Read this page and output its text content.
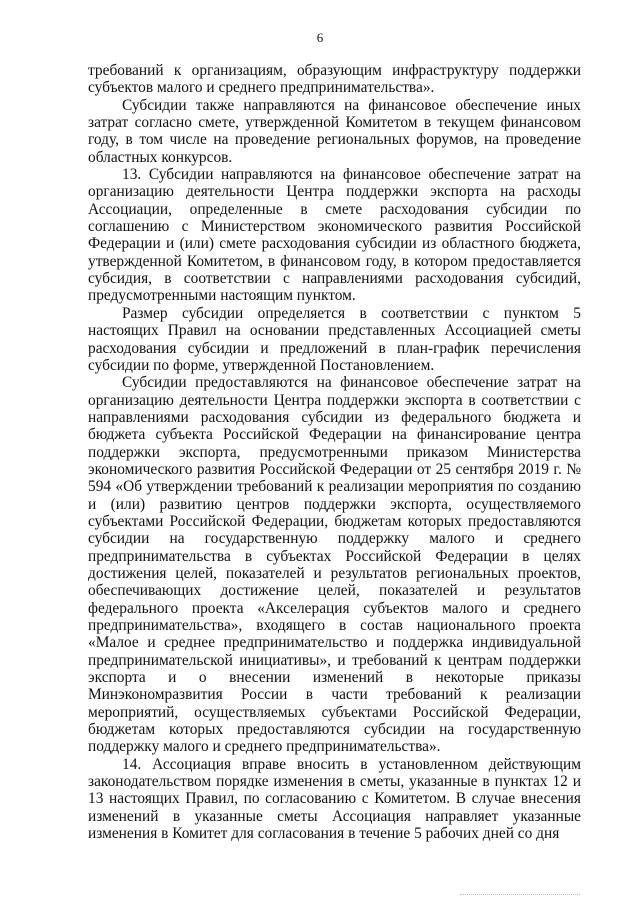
6

требований к организациям, образующим инфраструктуру поддержки субъектов малого и среднего предпринимательства».

Субсидии также направляются на финансовое обеспечение иных затрат согласно смете, утвержденной Комитетом в текущем финансовом году, в том числе на проведение региональных форумов, на проведение областных конкурсов.

13. Субсидии направляются на финансовое обеспечение затрат на организацию деятельности Центра поддержки экспорта на расходы Ассоциации, определенные в смете расходования субсидии по соглашению с Министерством экономического развития Российской Федерации и (или) смете расходования субсидии из областного бюджета, утвержденной Комитетом, в финансовом году, в котором предоставляется субсидия, в соответствии с направлениями расходования субсидий, предусмотренными настоящим пунктом.

Размер субсидии определяется в соответствии с пунктом 5 настоящих Правил на основании представленных Ассоциацией сметы расходования субсидии и предложений в план-график перечисления субсидии по форме, утвержденной Постановлением.

Субсидии предоставляются на финансовое обеспечение затрат на организацию деятельности Центра поддержки экспорта в соответствии с направлениями расходования субсидии из федерального бюджета и бюджета субъекта Российской Федерации на финансирование центра поддержки экспорта, предусмотренными приказом Министерства экономического развития Российской Федерации от 25 сентября 2019 г. № 594 «Об утверждении требований к реализации мероприятия по созданию и (или) развитию центров поддержки экспорта, осуществляемого субъектами Российской Федерации, бюджетам которых предоставляются субсидии на государственную поддержку малого и среднего предпринимательства в субъектах Российской Федерации в целях достижения целей, показателей и результатов региональных проектов, обеспечивающих достижение целей, показателей и результатов федерального проекта «Акселерация субъектов малого и среднего предпринимательства», входящего в состав национального проекта «Малое и среднее предпринимательство и поддержка индивидуальной предпринимательской инициативы», и требований к центрам поддержки экспорта и о внесении изменений в некоторые приказы Минэкономразвития России в части требований к реализации мероприятий, осуществляемых субъектами Российской Федерации, бюджетам которых предоставляются субсидии на государственную поддержку малого и среднего предпринимательства».

14. Ассоциация вправе вносить в установленном действующим законодательством порядке изменения в сметы, указанные в пунктах 12 и 13 настоящих Правил, по согласованию с Комитетом. В случае внесения изменений в указанные сметы Ассоциация направляет указанные изменения в Комитет для согласования в течение 5 рабочих дней со дня
